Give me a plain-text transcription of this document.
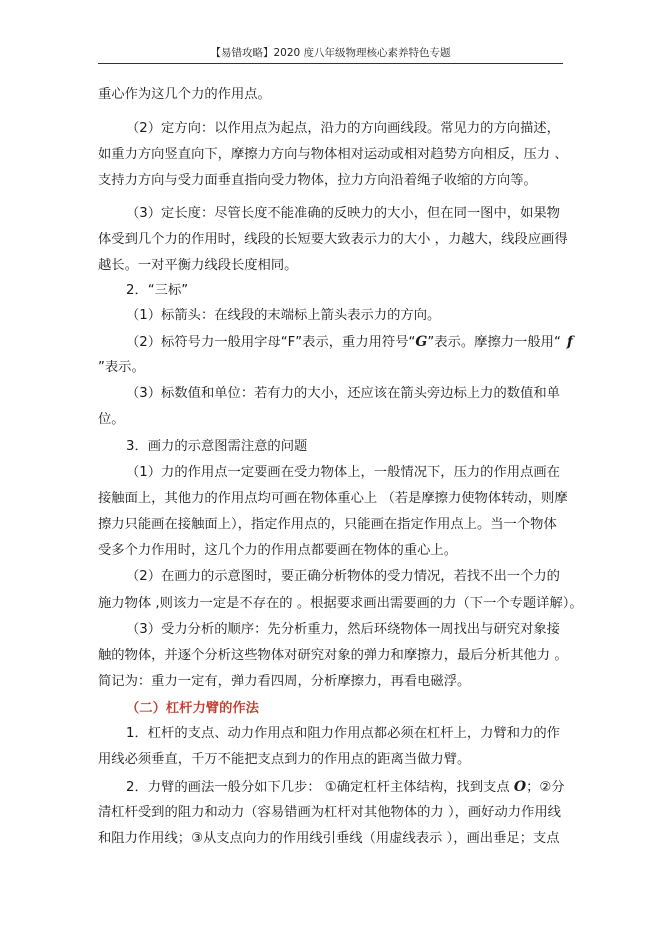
【易错攻略】2020 度八年级物理核心素养特色专题
重心作为这几个力的作用点。
（2）定方向：以作用点为起点，沿力的方向画线段。常见力的方向描述，
如重力方向竖直向下，摩擦力方向与物体相对运动或相对趋势方向相反，压力 、
支持力方向与受力面垂直指向受力物体，拉力方向沿着绳子收缩的方向等。
（3）定长度：尽管长度不能准确的反映力的大小，但在同一图中，如果物
体受到几个力的作用时，线段的长短要大致表示力的大小 ，力越大，线段应画得
越长。一对平衡力线段长度相同。
2．“三标”
（1）标箭头：在线段的末端标上箭头表示力的方向。
（2）标符号力一般用字母“F”表示，重力用符号“G”表示。摩擦力一般用“ f
”表示。
（3）标数值和单位：若有力的大小，还应该在箭头旁边标上力的数值和单
位。
3．画力的示意图需注意的问题
（1）力的作用点一定要画在受力物体上，一般情况下，压力的作用点画在
接触面上，其他力的作用点均可画在物体重心上 （若是摩擦力使物体转动，则摩
擦力只能画在接触面上），指定作用点的，只能画在指定作用点上。当一个物体
受多个力作用时，这几个力的作用点都要画在物体的重心上。
（2）在画力的示意图时，要正确分析物体的受力情况，若找不出一个力的
施力物体 ,则该力一定是不存在的 。根据要求画出需要画的力（下一个专题详解）。
（3）受力分析的顺序：先分析重力，然后环绕物体一周找出与研究对象接
触的物体，并逐个分析这些物体对研究对象的弹力和摩擦力，最后分析其他力 。
简记为：重力一定有，弹力看四周，分析摩擦力，再看电磁浮。
（二）杠杆力臂的作法
1．杠杆的支点、动力作用点和阻力作用点都必须在杠杆上，力臂和力的作
用线必须垂直，千万不能把支点到力的作用点的距离当做力臂。
2．力臂的画法一般分如下几步： ①确定杠杆主体结构，找到支点 O；②分
清杠杆受到的阻力和动力（容易错画为杠杆对其他物体的力 ），画好动力作用线
和阻力作用线；③从支点向力的作用线引垂线（用虚线表示 ），画出垂足；支点
